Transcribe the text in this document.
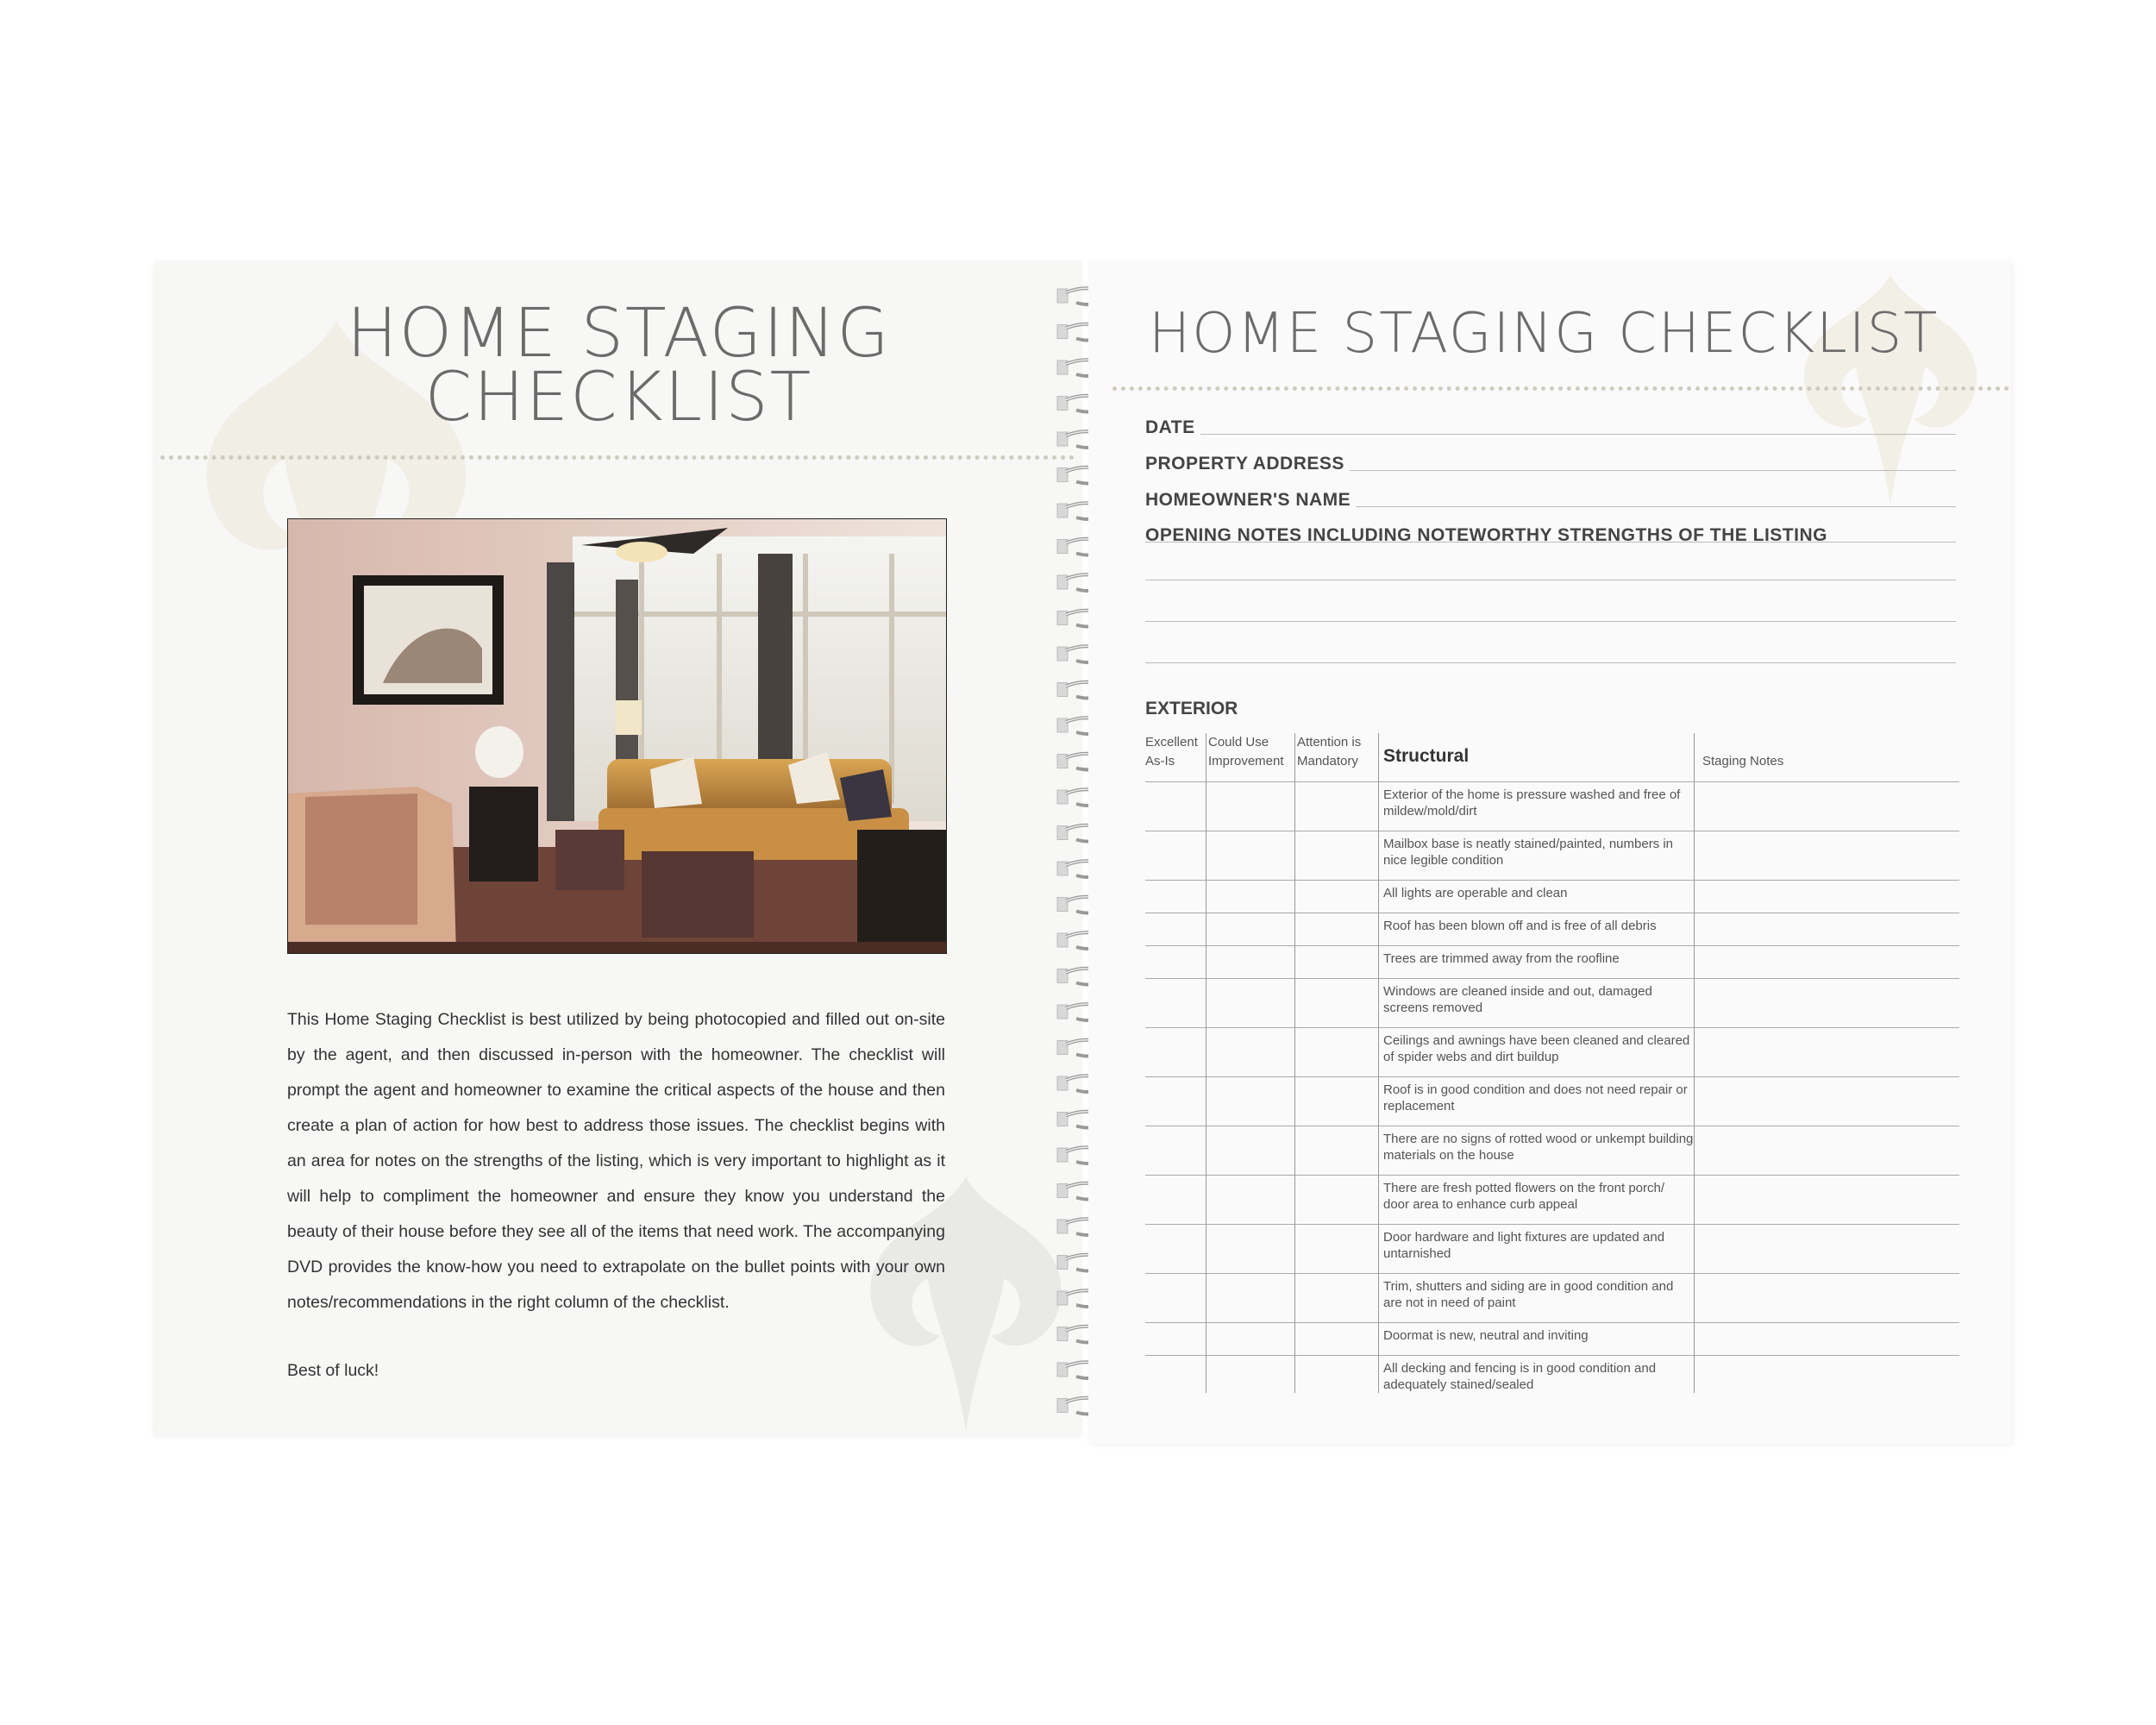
HOME STAGING
CHECKLIST
This Home Staging Checklist is best utilized by being photocopied and filled out on-site by the agent, and then discussed in-person with the homeowner. The checklist will prompt the agent and homeowner to examine the critical aspects of the house and then create a plan of action for how best to address those issues. The checklist begins with an area for notes on the strengths of the listing, which is very important to highlight as it will help to compliment the homeowner and ensure they know you understand the beauty of their house before they see all of the items that need work. The accompanying DVD provides the know-how you need to extrapolate on the bullet points with your own notes/recommendations in the right column of the checklist.
Best of luck!
HOME STAGING CHECKLIST
DATE
PROPERTY ADDRESS
HOMEOWNER'S NAME
OPENING NOTES INCLUDING NOTEWORTHY STRENGTHS OF THE LISTING
EXTERIOR
Excellent
As-Is
Could Use
Improvement
Attention is
Mandatory Structural	Staging Notes
Exterior of the home is pressure washed and free of mildew/mold/dirt
Mailbox base is neatly stained/painted, numbers in nice legible condition
All lights are operable and clean
Roof has been blown off and is free of all debris
Trees are trimmed away from the roofline
Windows are cleaned inside and out, damaged screens removed
Ceilings and awnings have been cleaned and cleared of spider webs and dirt buildup
Roof is in good condition and does not need repair or replacement
There are no signs of rotted wood or unkempt building materials on the house
There are fresh potted flowers on the front porch/ door area to enhance curb appeal
Door hardware and light fixtures are updated and untarnished
Trim, shutters and siding are in good condition and are not in need of paint
Doormat is new, neutral and inviting
All decking and fencing is in good condition and adequately stained/sealed
